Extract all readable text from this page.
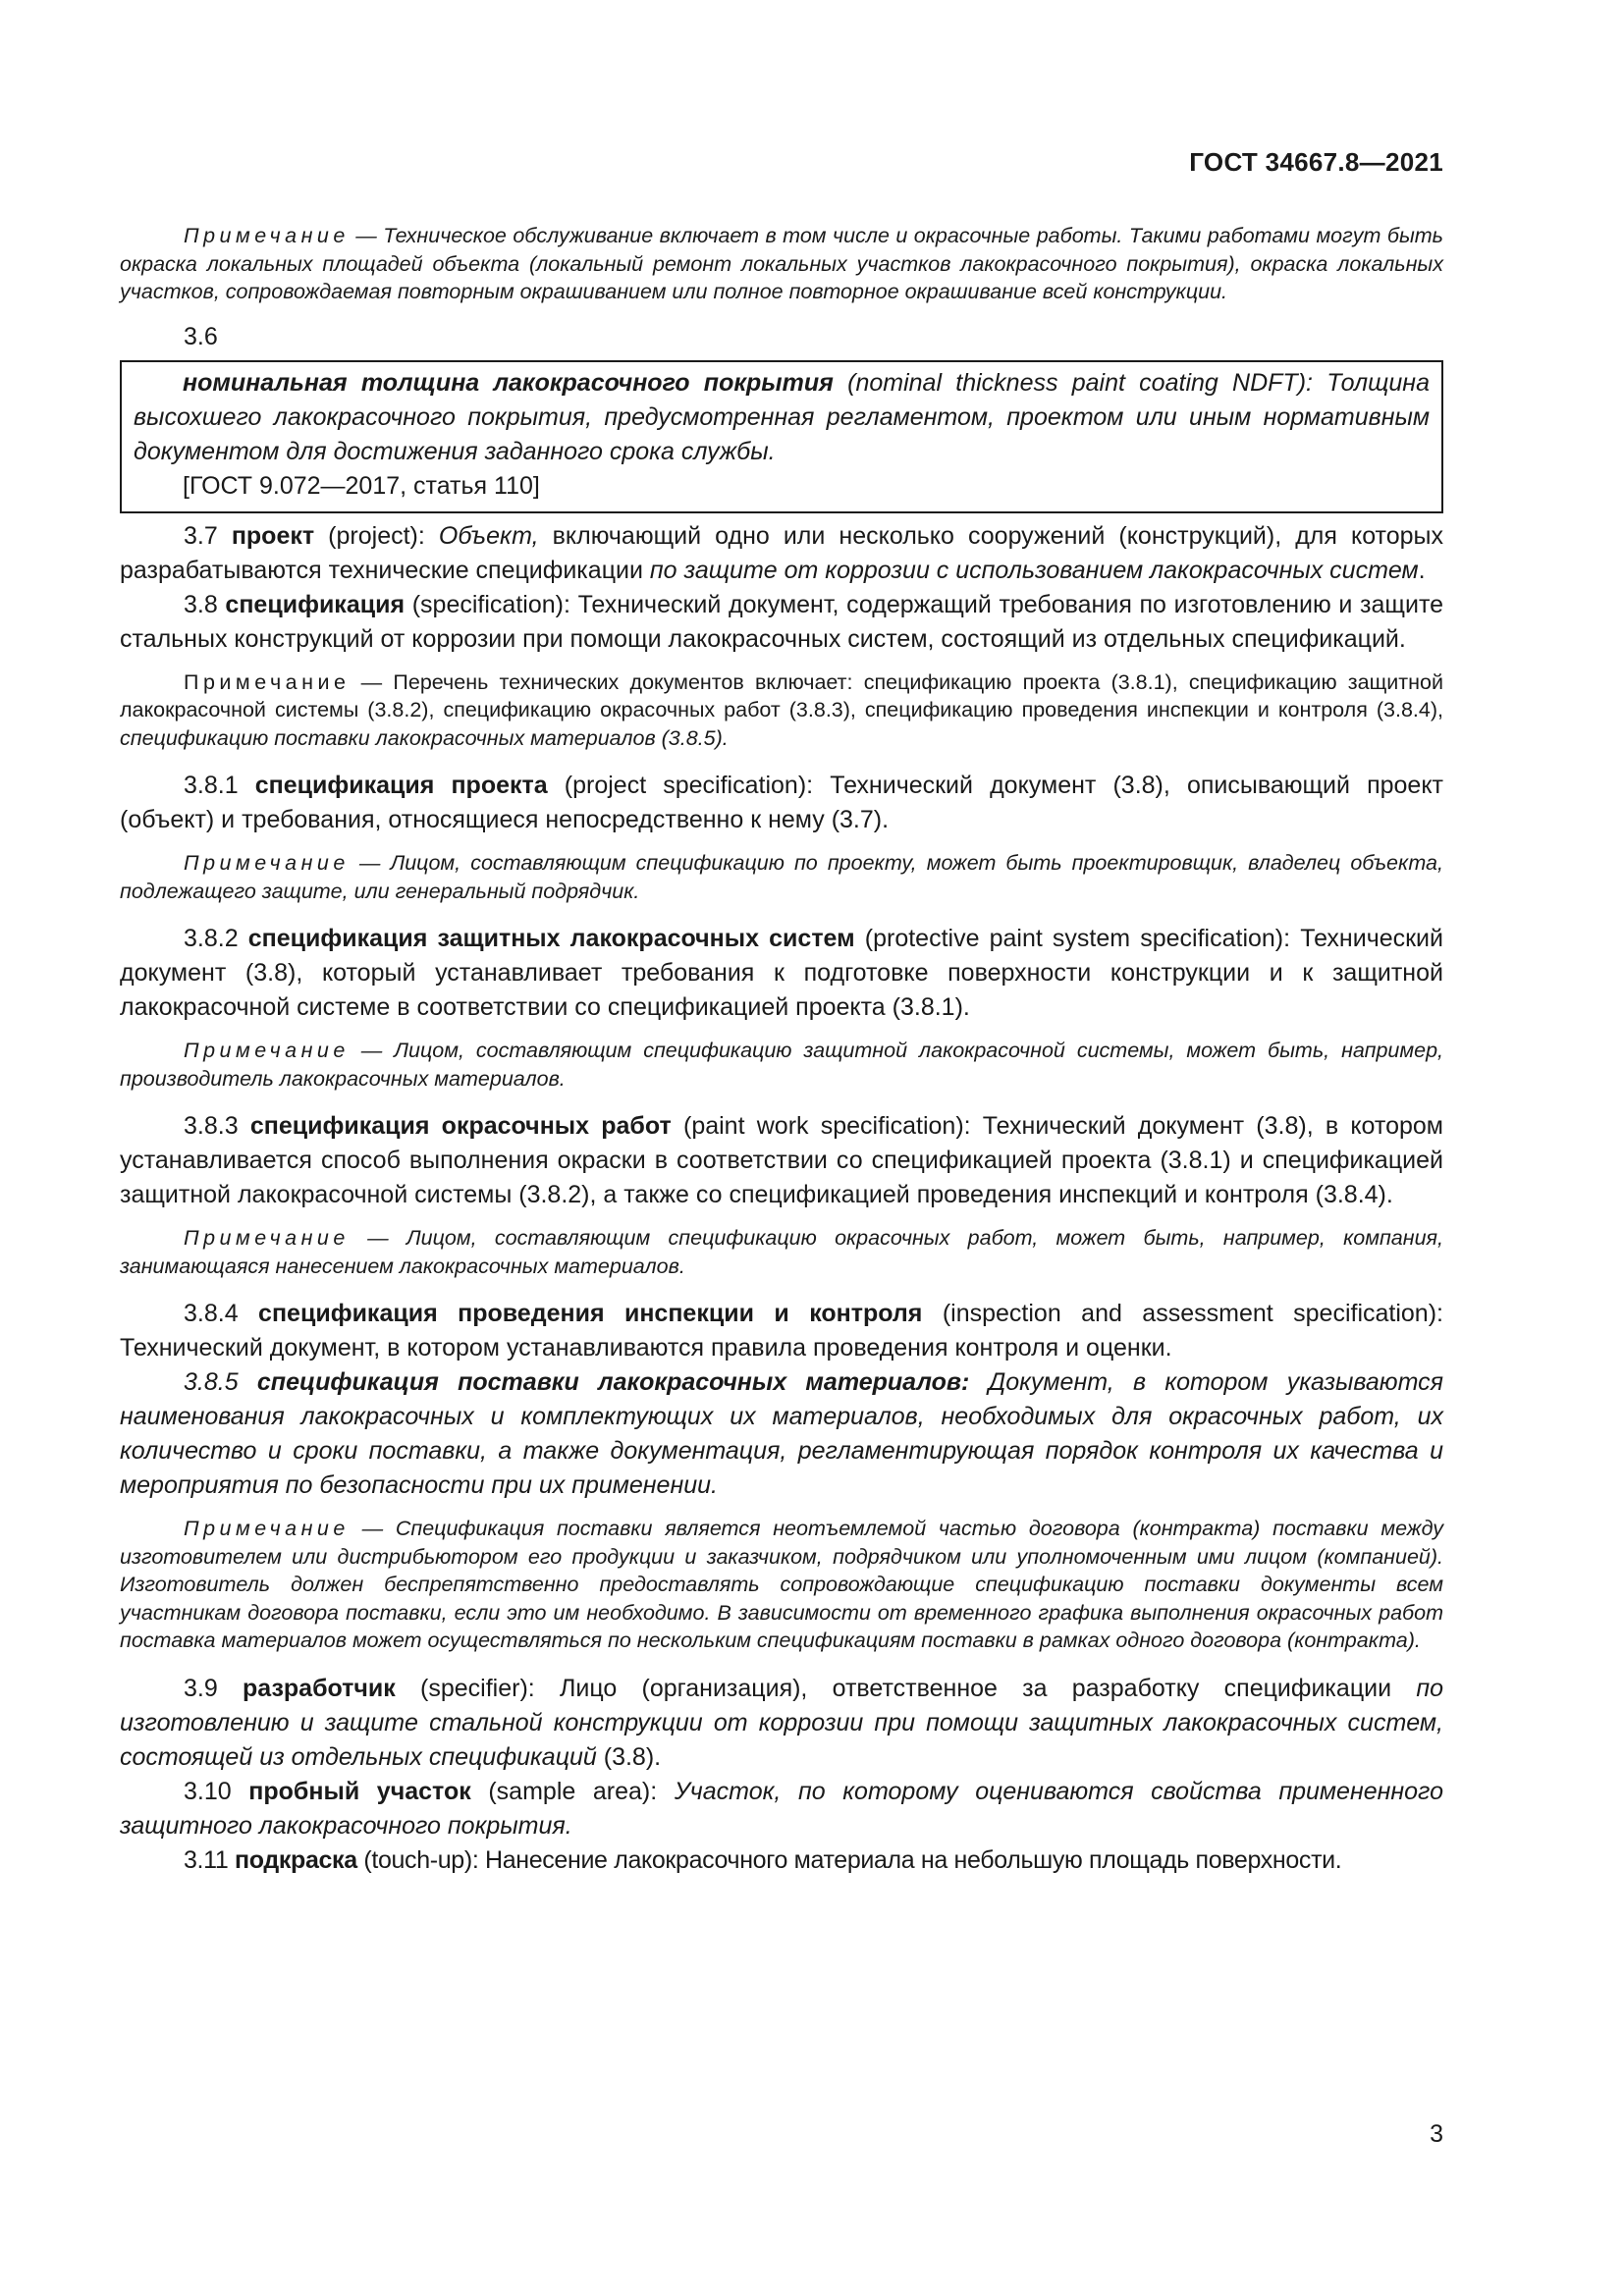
ГОСТ 34667.8—2021

Примечание — Техническое обслуживание включает в том числе и окрасочные работы. Такими работами могут быть окраска локальных площадей объекта (локальный ремонт локальных участков лакокрасочного покрытия), окраска локальных участков, сопровождаемая повторным окрашиванием или полное повторное окрашивание всей конструкции.

3.6

номинальная толщина лакокрасочного покрытия (nominal thickness paint coating NDFT): Толщина высохшего лакокрасочного покрытия, предусмотренная регламентом, проектом или иным нормативным документом для достижения заданного срока службы.

[ГОСТ 9.072—2017, статья 110]

3.7 проект (project): Объект, включающий одно или несколько сооружений (конструкций), для которых разрабатываются технические спецификации по защите от коррозии с использованием лакокрасочных систем.

3.8 спецификация (specification): Технический документ, содержащий требования по изготовлению и защите стальных конструкций от коррозии при помощи лакокрасочных систем, состоящий из отдельных спецификаций.

Примечание — Перечень технических документов включает: спецификацию проекта (3.8.1), спецификацию защитной лакокрасочной системы (3.8.2), спецификацию окрасочных работ (3.8.3), спецификацию проведения инспекции и контроля (3.8.4), спецификацию поставки лакокрасочных материалов (3.8.5).

3.8.1 спецификация проекта (project specification): Технический документ (3.8), описывающий проект (объект) и требования, относящиеся непосредственно к нему (3.7).

Примечание — Лицом, составляющим спецификацию по проекту, может быть проектировщик, владелец объекта, подлежащего защите, или генеральный подрядчик.

3.8.2 спецификация защитных лакокрасочных систем (protective paint system specification): Технический документ (3.8), который устанавливает требования к подготовке поверхности конструкции и к защитной лакокрасочной системе в соответствии со спецификацией проекта (3.8.1).

Примечание — Лицом, составляющим спецификацию защитной лакокрасочной системы, может быть, например, производитель лакокрасочных материалов.

3.8.3 спецификация окрасочных работ (paint work specification): Технический документ (3.8), в котором устанавливается способ выполнения окраски в соответствии со спецификацией проекта (3.8.1) и спецификацией защитной лакокрасочной системы (3.8.2), а также со спецификацией проведения инспекций и контроля (3.8.4).

Примечание — Лицом, составляющим спецификацию окрасочных работ, может быть, например, компания, занимающаяся нанесением лакокрасочных материалов.

3.8.4 спецификация проведения инспекции и контроля (inspection and assessment specification): Технический документ, в котором устанавливаются правила проведения контроля и оценки.

3.8.5 спецификация поставки лакокрасочных материалов: Документ, в котором указываются наименования лакокрасочных и комплектующих их материалов, необходимых для окрасочных работ, их количество и сроки поставки, а также документация, регламентирующая порядок контроля их качества и мероприятия по безопасности при их применении.

Примечание — Спецификация поставки является неотъемлемой частью договора (контракта) поставки между изготовителем или дистрибьютором его продукции и заказчиком, подрядчиком или уполномоченным ими лицом (компанией). Изготовитель должен беспрепятственно предоставлять сопровождающие спецификацию поставки документы всем участникам договора поставки, если это им необходимо. В зависимости от временного графика выполнения окрасочных работ поставка материалов может осуществляться по нескольким спецификациям поставки в рамках одного договора (контракта).

3.9 разработчик (specifier): Лицо (организация), ответственное за разработку спецификации по изготовлению и защите стальной конструкции от коррозии при помощи защитных лакокрасочных систем, состоящей из отдельных спецификаций (3.8).

3.10 пробный участок (sample area): Участок, по которому оцениваются свойства примененного защитного лакокрасочного покрытия.

3.11 подкраска (touch-up): Нанесение лакокрасочного материала на небольшую площадь поверхности.

3
